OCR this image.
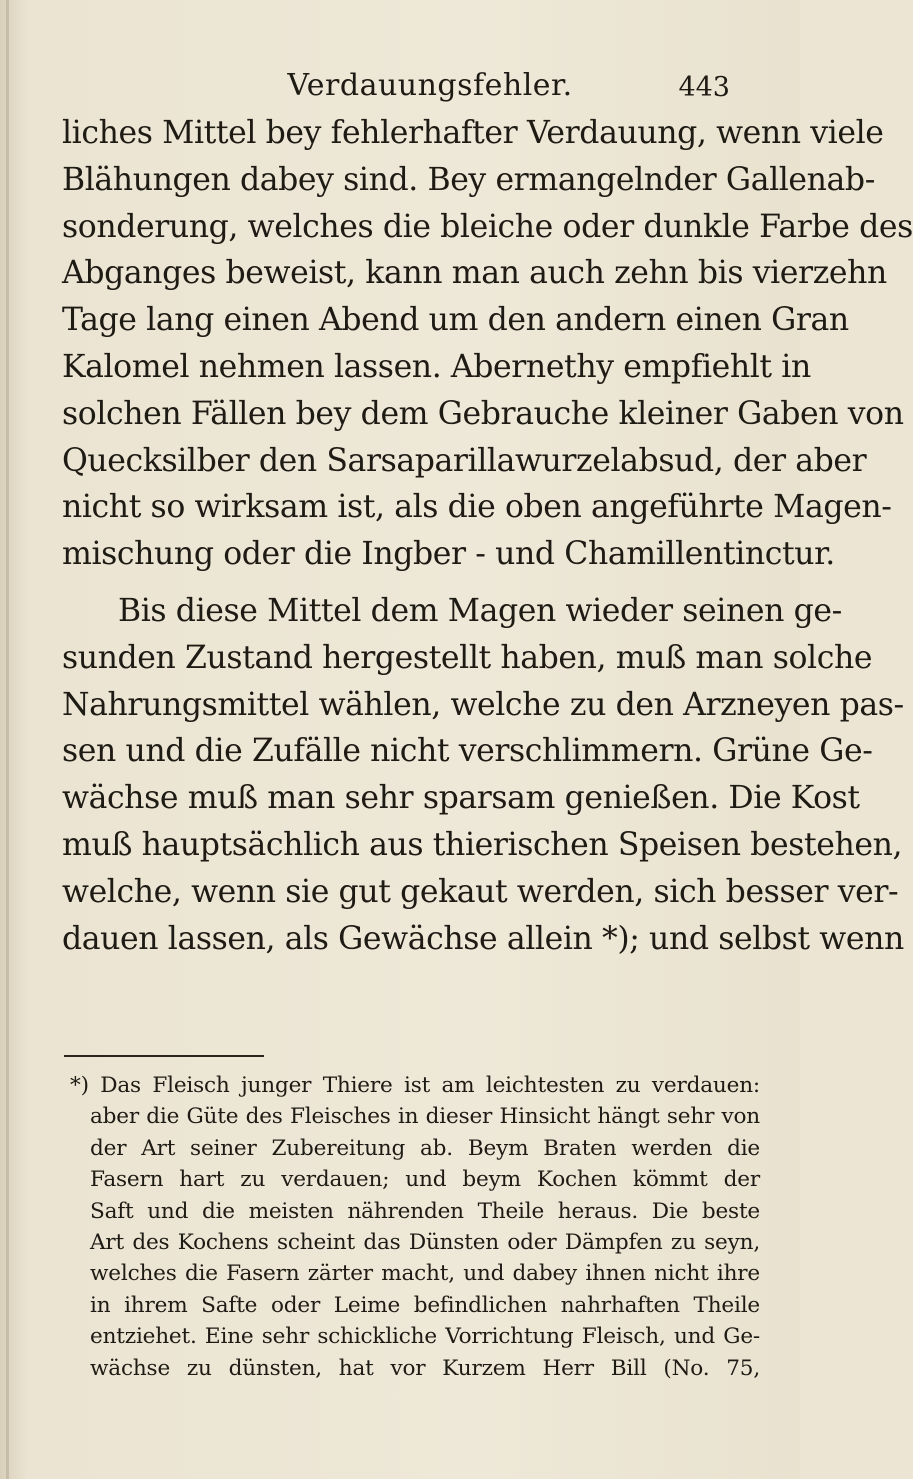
Verdauungsfehler.	443
liches Mittel bey fehlerhafter Verdauung, wenn viele
Blähungen dabey sind. Bey ermangelnder Gallenab-
sonderung, welches die bleiche oder dunkle Farbe des
Abganges beweist, kann man auch zehn bis vierzehn
Tage lang einen Abend um den andern einen Gran
Kalomel nehmen lassen. Abernethy empfiehlt in
solchen Fällen bey dem Gebrauche kleiner Gaben von
Quecksilber den Sarsaparillawurzelabsud, der aber
nicht so wirksam ist, als die oben angeführte Magen-
mischung oder die Ingber - und Chamillentinctur.
Bis diese Mittel dem Magen wieder seinen ge-
sunden Zustand hergestellt haben, muß man solche
Nahrungsmittel wählen, welche zu den Arzneyen pas-
sen und die Zufälle nicht verschlimmern. Grüne Ge-
wächse muß man sehr sparsam genießen. Die Kost
muß hauptsächlich aus thierischen Speisen bestehen,
welche, wenn sie gut gekaut werden, sich besser ver-
dauen lassen, als Gewächse allein *); und selbst wenn
*) Das Fleisch junger Thiere ist am leichtesten zu verdauen:
aber die Güte des Fleisches in dieser Hinsicht hängt sehr von
der Art seiner Zubereitung ab. Beym Braten werden die
Fasern hart zu verdauen; und beym Kochen kömmt der
Saft und die meisten nährenden Theile heraus. Die beste
Art des Kochens scheint das Dünsten oder Dämpfen zu seyn,
welches die Fasern zärter macht, und dabey ihnen nicht ihre
in ihrem Safte oder Leime befindlichen nahrhaften Theile
entziehet. Eine sehr schickliche Vorrichtung Fleisch, und Ge-
wächse zu dünsten, hat vor Kurzem Herr Bill (No. 75,
